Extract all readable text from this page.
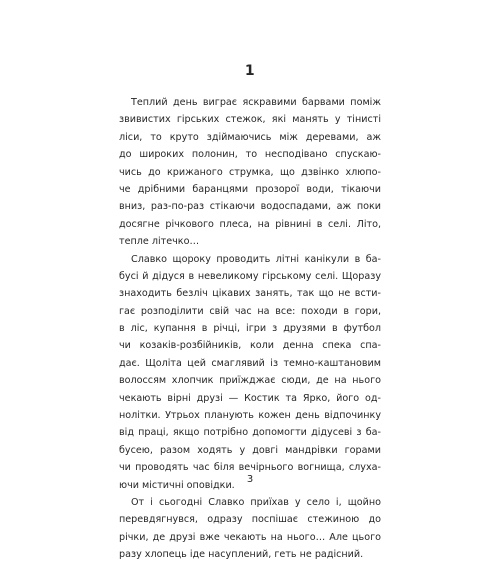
1
Теплий день виграє яскравими барвами поміж
звивистих гірських стежок, які манять у тінисті
ліси, то круто здіймаючись між деревами, аж
до широких полонин, то несподівано спускаю-
чись до крижаного струмка, що дзвінко хлюпо-
че дрібними баранцями прозорої води, тікаючи
вниз, раз-по-раз стікаючи водоспадами, аж поки
досягне річкового плеса, на рівнині в селі. Літо,
тепле літечко…
Славко щороку проводить літні канікули в ба-
бусі й дідуся в невеликому гірському селі. Щоразу
знаходить безліч цікавих занять, так що не вcти-
гає розподілити свій час на все: походи в гори,
в ліс, купання в річці, ігри з друзями в футбол
чи козаків-розбійників, коли денна спека спа-
дає. Щоліта цей смаглявий із темно-каштановим
волоссям хлопчик приїжджає сюди, де на нього
чекають вірні друзі — Костик та Ярко, його од-
нолітки. Утрьох планують кожен день відпочинку
від праці, якщо потрібно допомогти дідусеві з ба-
бусею, разом ходять у довгі мандрівки горами
чи проводять час біля вечірнього вогнища, слуха-
ючи містичні оповідки.
От і сьогодні Славко приїхав у село і, щойно
перевдягнувся, одразу поспішає стежиною до
річки, де друзі вже чекають на нього… Але цього
разу хлопець іде насуплений, геть не радісний.
3
